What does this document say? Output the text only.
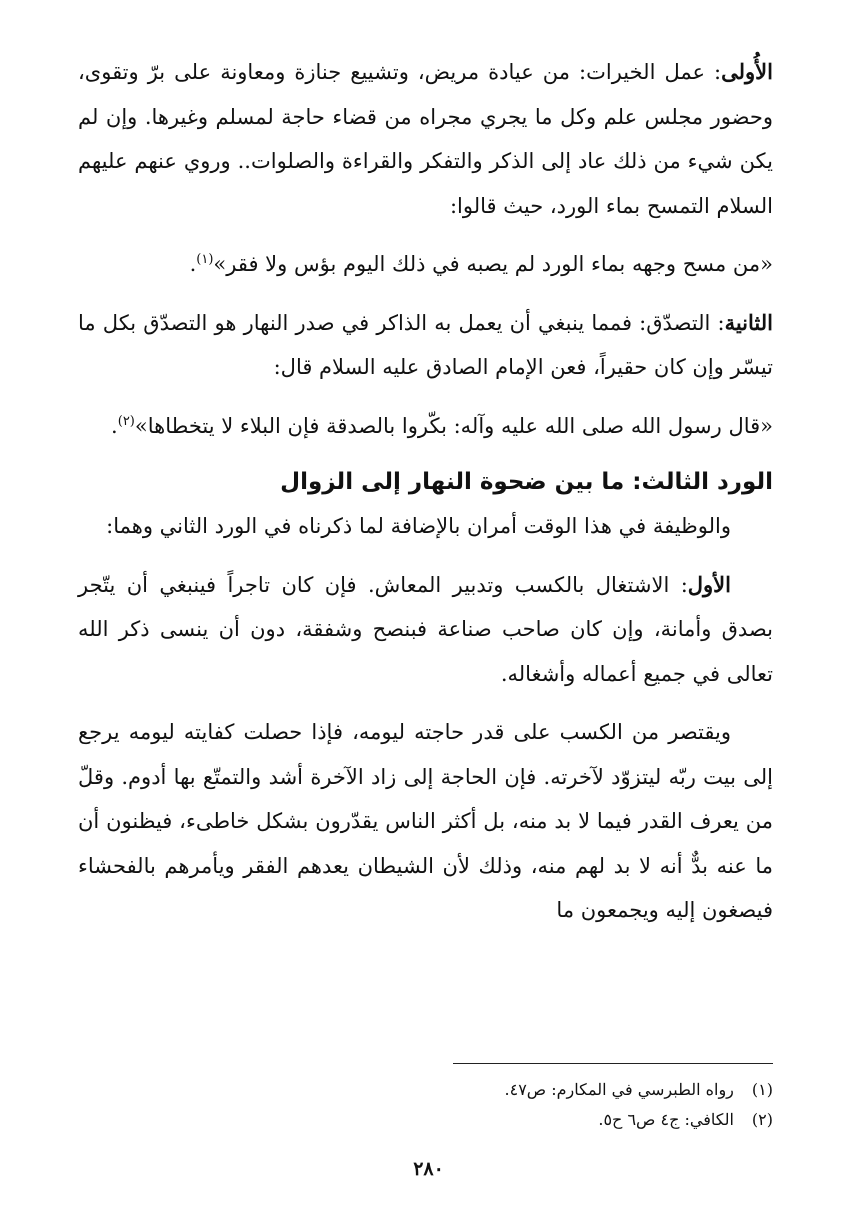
الأُولى: عمل الخيرات: من عيادة مريض، وتشييع جنازة ومعاونة على برّ وتقوى، وحضور مجلس علم وكل ما يجري مجراه من قضاء حاجة لمسلم وغيرها. وإن لم يكن شيء من ذلك عاد إلى الذكر والتفكر والقراءة والصلوات.. وروي عنهم عليهم السلام التمسح بماء الورد، حيث قالوا:

«من مسح وجهه بماء الورد لم يصبه في ذلك اليوم بؤس ولا فقر»$^{(١)}$.

الثانية: التصدّق: فمما ينبغي أن يعمل به الذاكر في صدر النهار هو التصدّق بكل ما تيسّر وإن كان حقيراً، فعن الإمام الصادق عليه السلام قال:

«قال رسول الله صلى الله عليه وآله: بكّروا بالصدقة فإن البلاء لا يتخطاها»$^{(٢)}$.

الورد الثالث: ما بين ضحوة النهار إلى الزوال

والوظيفة في هذا الوقت أمران بالإضافة لما ذكرناه في الورد الثاني وهما:

الأول: الاشتغال بالكسب وتدبير المعاش. فإن كان تاجراً فينبغي أن يتّجر بصدق وأمانة، وإن كان صاحب صناعة فبنصح وشفقة، دون أن ينسى ذكر الله تعالى في جميع أعماله وأشغاله.

ويقتصر من الكسب على قدر حاجته ليومه، فإذا حصلت كفايته ليومه يرجع إلى بيت ربّه ليتزوّد لآخرته. فإن الحاجة إلى زاد الآخرة أشد والتمتّع بها أدوم. وقلّ من يعرف القدر فيما لا بد منه، بل أكثر الناس يقدّرون بشكل خاطىء، فيظنون أن ما عنه بدٌّ أنه لا بد لهم منه، وذلك لأن الشيطان يعدهم الفقر ويأمرهم بالفحشاء فيصغون إليه ويجمعون ما

(١) رواه الطبرسي في المكارم: ص٤٧.
(٢) الكافي: ج٤ ص٦ ح٥.
٢٨٠
